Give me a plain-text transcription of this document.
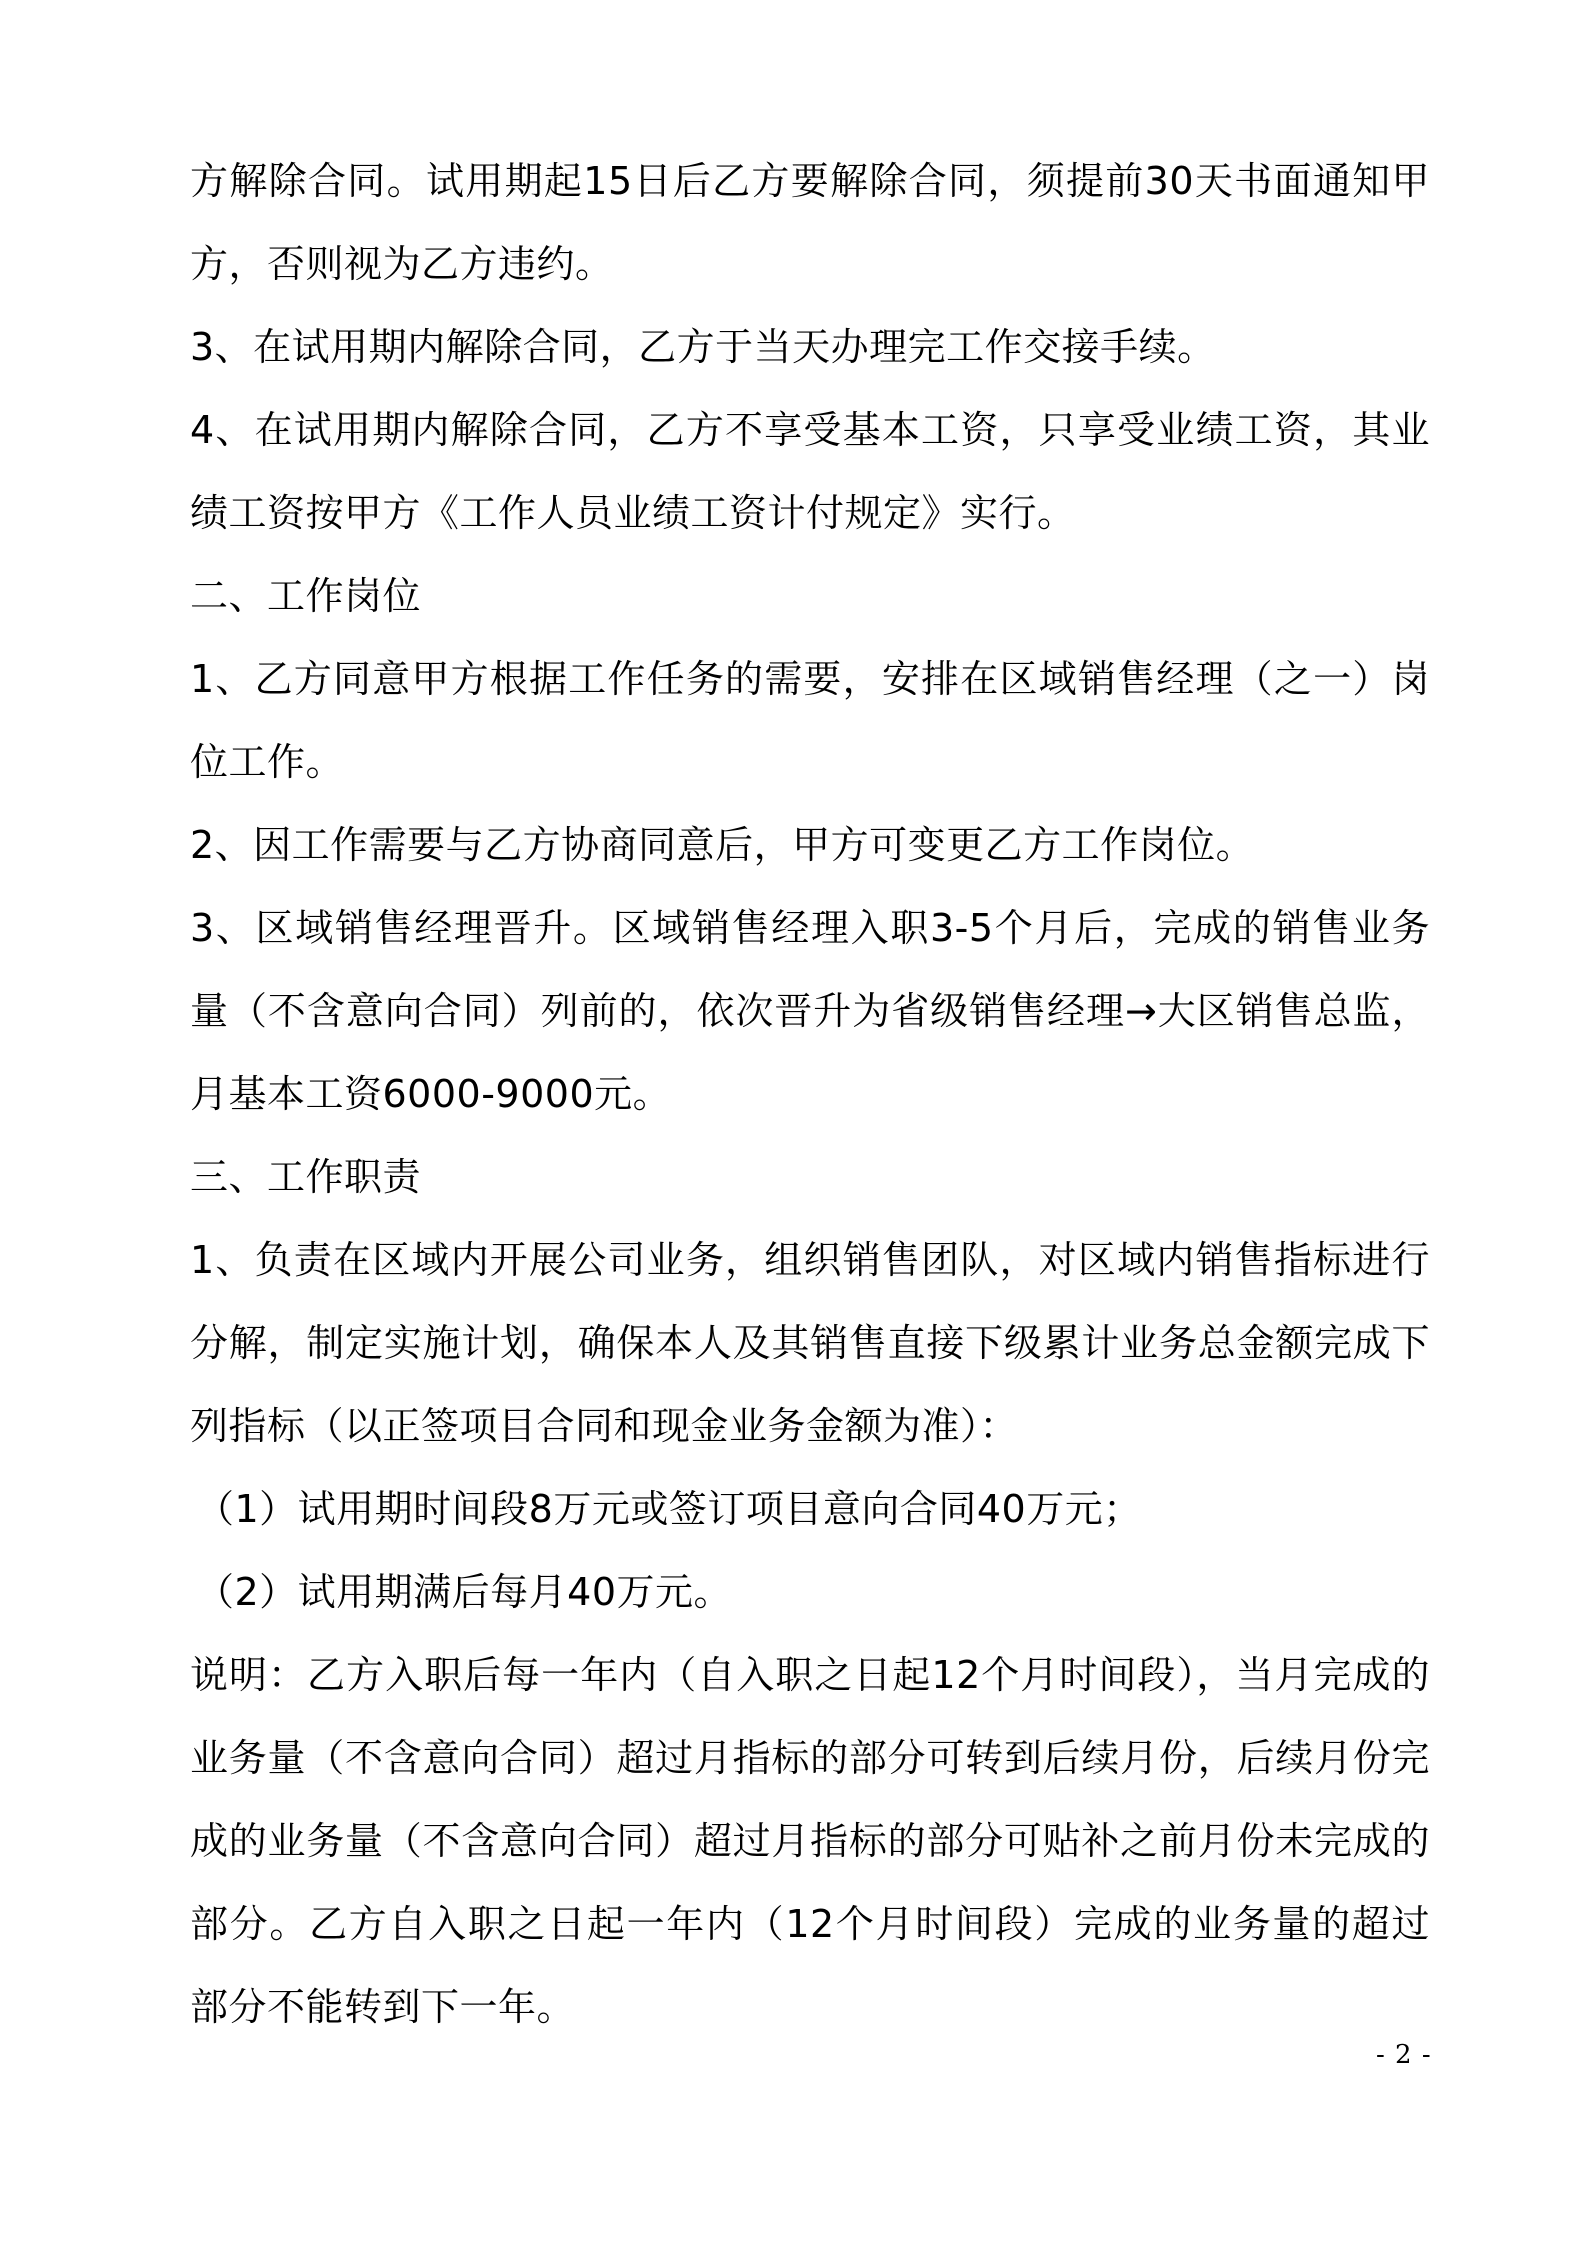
方解除合同。试用期起15日后乙方要解除合同，须提前30天书面通知甲方，否则视为乙方违约。

3、在试用期内解除合同，乙方于当天办理完工作交接手续。

4、在试用期内解除合同，乙方不享受基本工资，只享受业绩工资，其业绩工资按甲方《工作人员业绩工资计付规定》实行。

二、工作岗位

1、乙方同意甲方根据工作任务的需要，安排在区域销售经理（之一）岗位工作。

2、因工作需要与乙方协商同意后，甲方可变更乙方工作岗位。

3、区域销售经理晋升。区域销售经理入职3-5个月后，完成的销售业务量（不含意向合同）列前的，依次晋升为省级销售经理→大区销售总监，月基本工资6000-9000元。

三、工作职责

1、负责在区域内开展公司业务，组织销售团队，对区域内销售指标进行分解，制定实施计划，确保本人及其销售直接下级累计业务总金额完成下列指标（以正签项目合同和现金业务金额为准）：

（1）试用期时间段8万元或签订项目意向合同40万元；

（2）试用期满后每月40万元。

说明：乙方入职后每一年内（自入职之日起12个月时间段），当月完成的业务量（不含意向合同）超过月指标的部分可转到后续月份，后续月份完成的业务量（不含意向合同）超过月指标的部分可贴补之前月份未完成的部分。乙方自入职之日起一年内（12个月时间段）完成的业务量的超过部分不能转到下一年。

- 2 -
